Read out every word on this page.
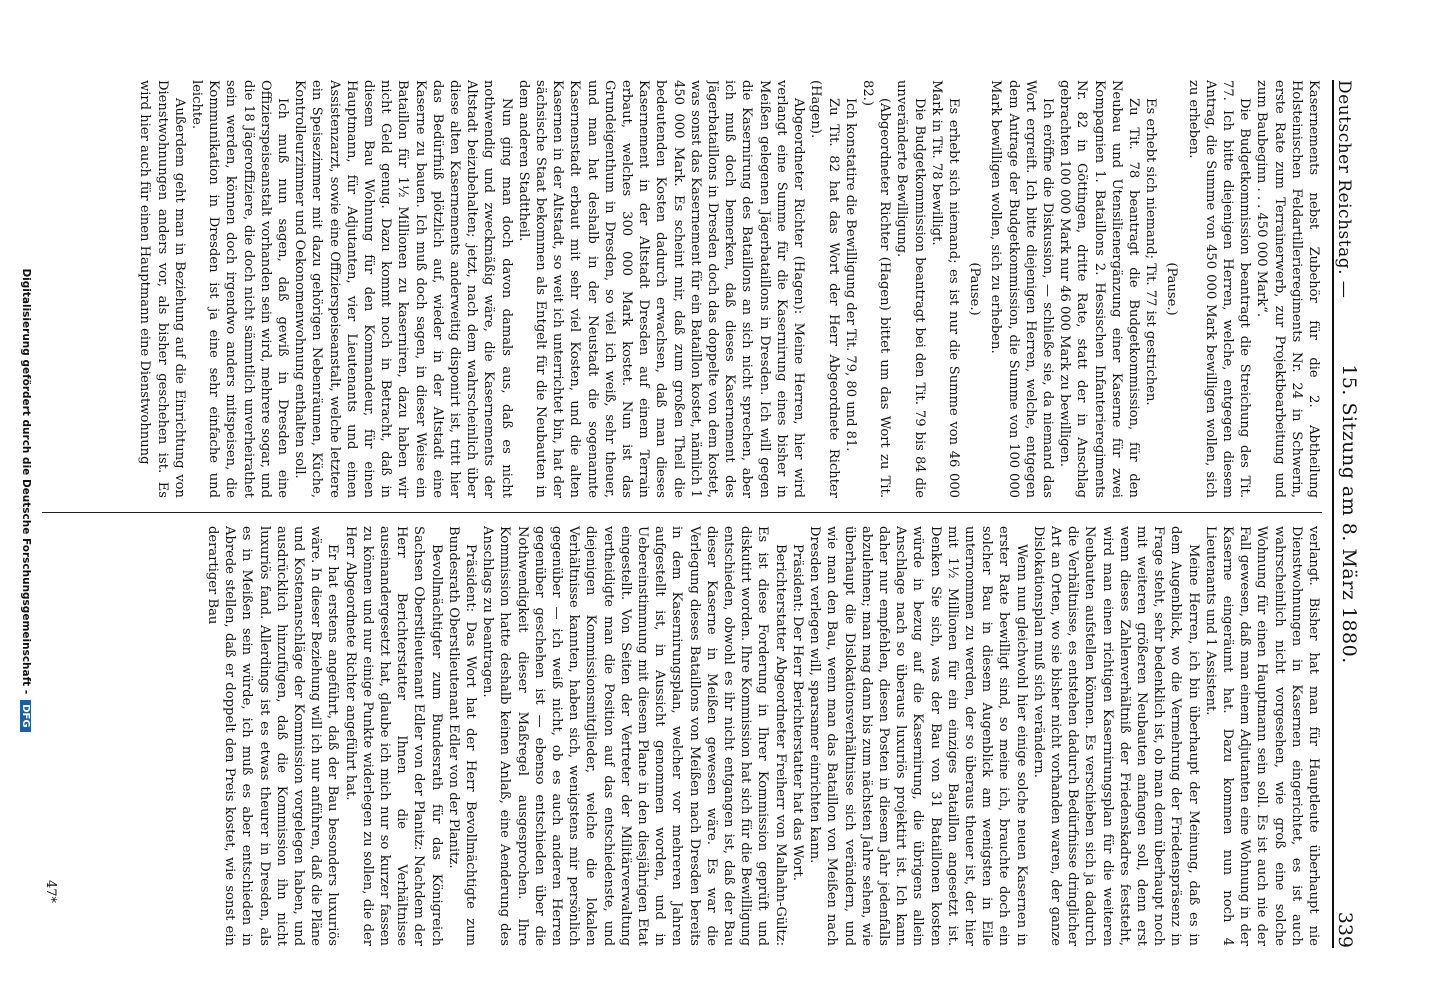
Deutscher Reichstag. —
15. Sitzung am 8. März 1880.
339

Kasernements nebst Zubehör für die 2. Abtheilung Holsteinischen Feldartillerieregiments Nr. 24 in Schwerin, erste Rate zum Terrainerwerb, zur Projektbearbeitung und zum Baubeginn . . . 450 000 Mark“.

Die Budgetkommission beantragt die Streichung des Tit. 77. Ich bitte diejenigen Herren, welche, entgegen diesem Antrag, die Summe von 450 000 Mark bewilligen wollen, sich zu erheben.

(Pause.)

Es erhebt sich niemand; Tit. 77 ist gestrichen.

Zu Tit. 78 beantragt die Budgetkommission, für den Neubau und Utensilienergänzung einer Kaserne für zwei Kompagnien 1. Bataillons 2. Hessischen Infanterieregiments Nr. 82 in Göttingen, dritte Rate, statt der in Anschlag gebrachten 100 000 Mark nur 46 000 Mark zu bewilligen.

Ich eröffne die Diskussion, — schließe sie, da niemand das Wort ergreift. Ich bitte diejenigen Herren, welche, entgegen dem Antrage der Budgetkommission, die Summe von 100 000 Mark bewilligen wollen, sich zu erheben.

(Pause.)

Es erhebt sich niemand; es ist nur die Summe von 46 000 Mark in Tit. 78 bewilligt.

Die Budgetkommission beantragt bei den Tit. 79 bis 84 die unveränderte Bewilligung.

(Abgeordneter Richter (Hagen) bittet um das Wort zu Tit. 82.)

Ich konstatire die Bewilligung der Tit. 79, 80 und 81.

Zu Tit. 82 hat das Wort der Herr Abgeordnete Richter (Hagen).

Abgeordneter Richter (Hagen): Meine Herren, hier wird verlangt eine Summe für die Kasernirung eines bisher in Meißen gelegenen Jägerbataillons in Dresden. Ich will gegen die Kasernirung des Bataillons an sich nicht sprechen, aber ich muß doch bemerken, daß dieses Kasernement des Jägerbataillons in Dresden doch das doppelte von dem kostet, was sonst das Kasernement für ein Bataillon kostet, nämlich 1 450 000 Mark. Es scheint mir, daß zum großen Theil die bedeutenden Kosten dadurch erwachsen, daß man dieses Kasernement in der Altstadt Dresden auf einem Terrain erbaut, welches 300 000 Mark kostet. Nun ist das Grundeigenthum in Dresden, so viel ich weiß, sehr theuer, und man hat deshalb in der Neustadt die sogenannte Kasernenstadt erbaut mit sehr viel Kosten, und die alten Kasernen in der Altstadt, so weit ich unterrichtet bin, hat der sächsische Staat bekommen als Entgelt für die Neubauten in dem anderen Stadttheil.

Nun ging man doch davon damals aus, daß es nicht nothwendig und zweckmäßig wäre, die Kasernements der Altstadt beizubehalten; jetzt, nach dem wahrscheinlich über diese alten Kasernements anderweitig disponirt ist, tritt hier das Bedürfniß plötzlich auf, wieder in der Altstadt eine Kaserne zu bauen. Ich muß doch sagen, in dieser Weise ein Bataillon für 1½ Millionen zu kaserniren, dazu haben wir nicht Geld genug. Dazu kommt noch in Betracht, daß in diesem Bau Wohnung für den Kommandeur, für einen Hauptmann, für Adjutanten, vier Lieutenants und einen Assistenzarzt, sowie eine Offizierspeiseanstalt, welche letztere ein Speisezimmer mit dazu gehörigen Nebenräumen, Küche, Kontrolleurzimmer und Oekonomenwohnung enthalten soll.

Ich muß nun sagen, daß gewiß in Dresden eine Offizierspeiseanstalt vorhanden sein wird, mehrere sogar, und die 18 Jägeroffiziere, die doch nicht sämmtlich unverheirathet sein werden, können doch irgendwo anders mitspeisen, die Kommunikation in Dresden ist ja eine sehr einfache und leichte.

Außerdem geht man in Beziehung auf die Einrichtung von Dienstwohnungen anders vor, als bisher geschehen ist. Es wird hier auch für einen Hauptmann eine Dienstwohnung

verlangt. Bisher hat man für Hauptleute überhaupt nie Dienstwohnungen in Kasernen eingerichtet, es ist auch wahrscheinlich nicht vorgesehen, wie groß eine solche Wohnung für einen Hauptmann sein soll. Es ist auch nie der Fall gewesen, daß man einem Adjutanten eine Wohnung in der Kaserne eingeräumt hat. Dazu kommen nun noch 4 Lieutenants und 1 Assistent.

Meine Herren, ich bin überhaupt der Meinung, daß es in dem Augenblick, wo die Vermehrung der Friedenspräsenz in Frage steht, sehr bedenklich ist, ob man denn überhaupt noch mit weiteren größeren Neubauten anfangen soll, denn erst wenn dieses Zahlenverhältniß der Friedenskadres feststeht, wird man einen richtigen Kasernirungsplan für die weiteren Neubauten aufstellen können. Es verschieben sich ja dadurch die Verhältnisse, es entstehen dadurch Bedürfnisse dringlicher Art an Orten, wo sie bisher nicht vorhanden waren, der ganze Dislokationsplan muß sich verändern.

Wenn nun gleichwohl hier einige solche neuen Kasernen in erster Rate bewilligt sind, so meine ich, brauchte doch ein solcher Bau in diesem Augenblick am wenigsten in Eile unternommen zu werden, der so überaus theuer ist, der hier mit 1½ Millionen für ein einziges Bataillon angesetzt ist. Denken Sie sich, was der Bau von 31 Bataillonen kosten würde in bezug auf die Kasernirung, die übrigens allein Anschlage nach so überaus luxuriös projektirt ist. Ich kann daher nur empfehlen, diesen Posten in diesem Jahr jedenfalls abzulehnen; man mag dann bis zum nächsten Jahre sehen, wie überhaupt die Dislokationsverhältnisse sich verändern, und wie man den Bau, wenn man das Bataillon von Meißen nach Dresden verlegen will, sparsamer einrichten kann.

Präsident: Der Herr Berichterstatter hat das Wort.

Berichterstatter Abgeordneter Freiherr von Malhahn-Gültz: Es ist diese Forderung in Ihrer Kommission geprüft und diskutirt worden. Ihre Kommission hat sich für die Bewilligung entschieden, obwohl es ihr nicht entgangen ist, daß der Bau dieser Kaserne in Meißen gewesen wäre. Es war die Verlegung dieses Bataillons von Meißen nach Dresden bereits in dem Kasernirungsplan, welcher vor mehreren Jahren aufgestellt ist, in Aussicht genommen worden, und in Uebereinstimmung mit diesem Plane in den diesjährigen Etat eingestellt. Von Seiten der Vertreter der Militärverwaltung vertheidigte man die Position auf das entschiedenste, und diejenigen Kommissionsmitglieder, welche die lokalen Verhältnisse kannten, haben sich, wenigstens mir persönlich gegenüber — ich weiß nicht, ob es auch anderen Herren gegenüber geschehen ist — ebenso entschieden über die Nothwendigkeit dieser Maßregel ausgesprochen. Ihre Kommission hatte deshalb keinen Anlaß, eine Aenderung des Anschlags zu beantragen.

Präsident: Das Wort hat der Herr Bevollmächtigte zum Bundesrath Oberstlieutenant Edler von der Planitz.

Bevollmächtigter zum Bundesrath für das Königreich Sachsen Oberstlieutenant Edler von der Planitz: Nachdem der Herr Berichterstatter Ihnen die Verhältnisse auseinandergesetzt hat, glaube ich mich nur so kurzer fassen zu können und nur einige Punkte widerlegen zu sollen, die der Herr Abgeordnete Richter angeführt hat.

Er hat erstens angeführt, daß der Bau besonders luxuriös wäre. In dieser Beziehung will ich nur anführen, daß die Pläne und Kostenanschläge der Kommission vorgelegen haben, und ausdrücklich hinzufügen, daß die Kommission ihn nicht luxuriös fand. Allerdings ist es etwas theurer in Dresden, als es in Meißen sein würde, ich muß es aber entschieden in Abrede stellen, daß er doppelt den Preis kostet, wie sonst ein derartiger Bau

47*
Digitalisierung gefördert durch die Deutsche Forschungsgemeinschaft -DFG
